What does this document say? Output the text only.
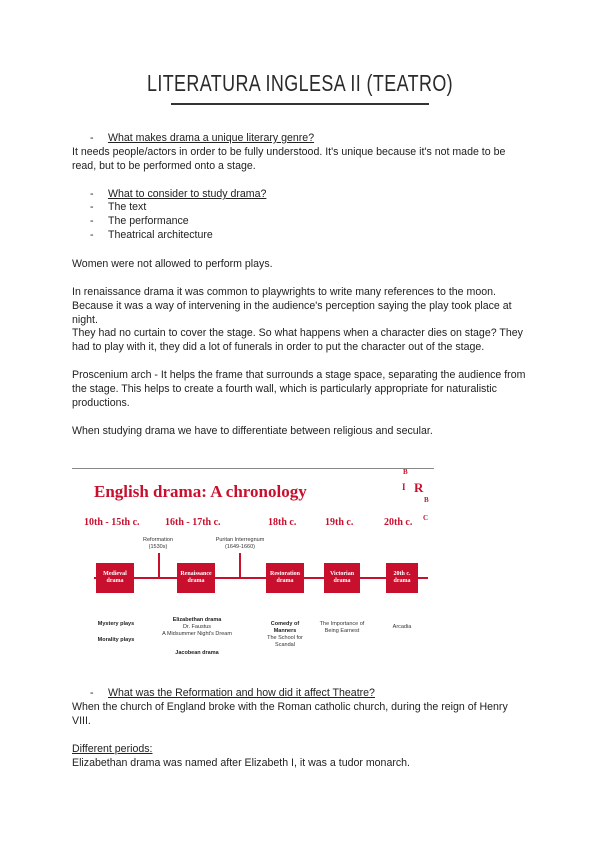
LITERATURA INGLESA II (TEATRO)
- What makes drama a unique literary genre?
It needs people/actors in order to be fully understood. It's unique because it's not made to be
read, but to be performed onto a stage.
- What to consider to study drama?
- The text
- The performance
- Theatrical architecture
Women were not allowed to perform plays.
In renaissance drama it was common to playwrights to write many references to the moon.
Because it was a way of intervening in the audience's perception saying the play took place at
night.
They had no curtain to cover the stage. So what happens when a character dies on stage? They
had to play with it, they did a lot of funerals in order to put the character out of the stage.
Proscenium arch - It helps the frame that surrounds a stage space, separating the audience from
the stage. This helps to create a fourth wall, which is particularly appropriate for naturalistic
productions.
When studying drama we have to differentiate between religious and secular.
English drama: A chronology
B
R
I
B
C
10th - 15th c.	16th - 17th c.	18th c.	19th c.	20th c.
Reformation
(1530s)
Puritan Interregnum
(1649-1660)
Medieval
drama
Renaissance
drama
Restoration
drama
Victorian
drama
20th c.
drama
Mystery plays
Morality plays
Elizabethan drama
Dr. Faustus
A Midsummer Night's Dream
Jacobean drama
Comedy of
Manners
The School for
Scandal
The Importance of
Being Earnest
Arcadia
- What was the Reformation and how did it affect Theatre?
When the church of England broke with the Roman catholic church, during the reign of Henry
VIII.
Different periods:
Elizabethan drama was named after Elizabeth I, it was a tudor monarch.
